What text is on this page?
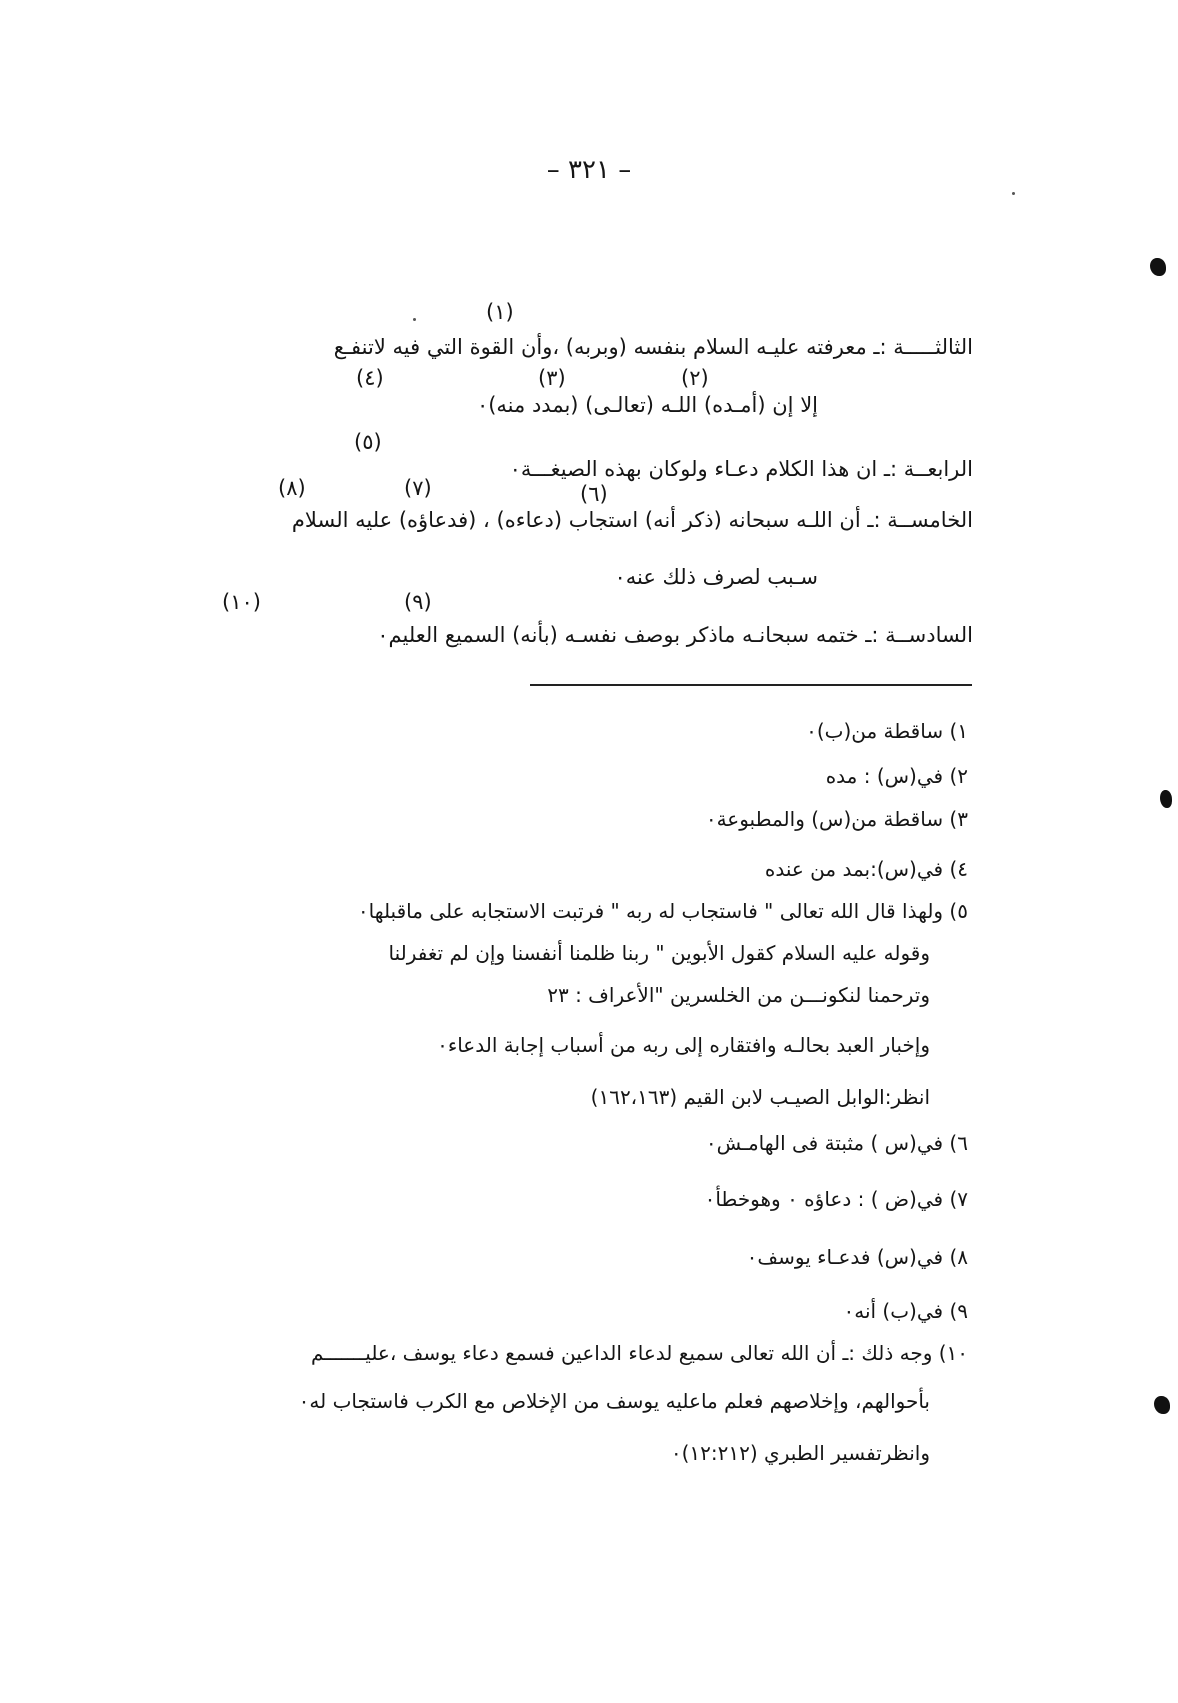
– ٣٢١ –
(١)
(٢)
(٣)
(٤)
(٥)
(٦)
(٧)
(٨)
(٩)
(١٠)
الثالثـــــة :ـ معرفته عليـه السلام بنفسه (وبربه) ،وأن القوة التي فيه لاتنفـع
إلا إن (أمـده) اللـه (تعالـى) (بمدد منه)٠
الرابعــة :ـ ان هذا الكلام دعـاء ولوكان بهذه الصيغـــة٠
الخامســة :ـ أن اللـه سبحانه (ذكر أنه) استجاب (دعاءه) ، (فدعاؤه) عليه السلام
سـبب لصرف ذلك عنه٠
السادســة :ـ ختمه سبحانـه ماذكر بوصف نفسـه (بأنه) السميع العليم٠
١) ساقطة من(ب)٠
٢) في(س) : مده
٣) ساقطة من(س) والمطبوعة٠
٤) في(س):بمد من عنده
٥) ولهذا قال الله تعالى " فاستجاب له ربه " فرتبت الاستجابه على ماقبلها٠
وقوله عليه السلام كقول الأبوين " ربنا ظلمنا أنفسنا وإن لم تغفرلنا
وترحمنا لنكونـــن من الخلسرين "الأعراف : ٢٣
وإخبار العبد بحالـه وافتقاره إلى ربه من أسباب إجابة الدعاء٠
انظر:الوابل الصيـب لابن القيم (١٦٢،١٦٣)
٦) في(س ) مثبتة فى الهامـش٠
٧) في(ض ) : دعاؤه ٠ وهوخطأ٠
٨) في(س) فدعـاء يوسف٠
٩) في(ب) أنه٠
١٠) وجه ذلك :ـ أن الله تعالى سميع لدعاء الداعين فسمع دعاء يوسف ،عليـــــــم
بأحوالهم، وإخلاصهم فعلم ماعليه يوسف من الإخلاص مع الكرب فاستجاب له٠
وانظرتفسير الطبري (١٢:٢١٢)٠
